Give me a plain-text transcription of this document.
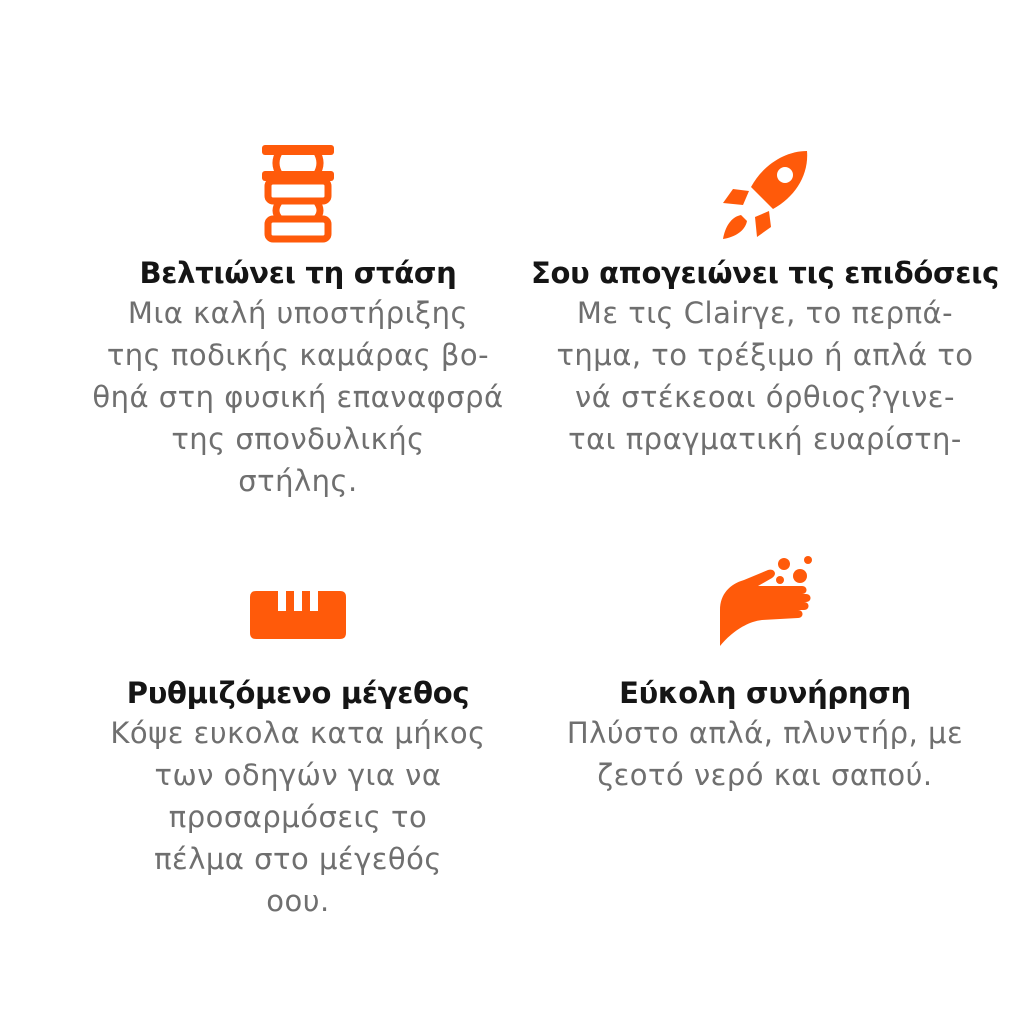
Βελτιώνει τη στάση
Μια καλή υποστήριξης
της ποδικής καμάρας βο-
θηά στη φυσική επαναφσρά
της σπονδυλικής
στήλης.
Σου απογειώνει τις επιδόσεις
Με τις Clairγε, το περπά-
τημα, το τρέξιμο ή απλά το
νά στέκεοαι όρθιος?γινε-
ται πραγματική ευαρίστη-
Ρυθμιζόμενο μέγεθος
Κόψε ευκολα κατα μήκος
των οδηγών για να
προσαρμόσεις το
πέλμα στο μέγεθός
οου.
Εύκολη συνήρηση
Πλύστο απλά, πλυντήρ, με
ζεοτό νερό και σαπού.
